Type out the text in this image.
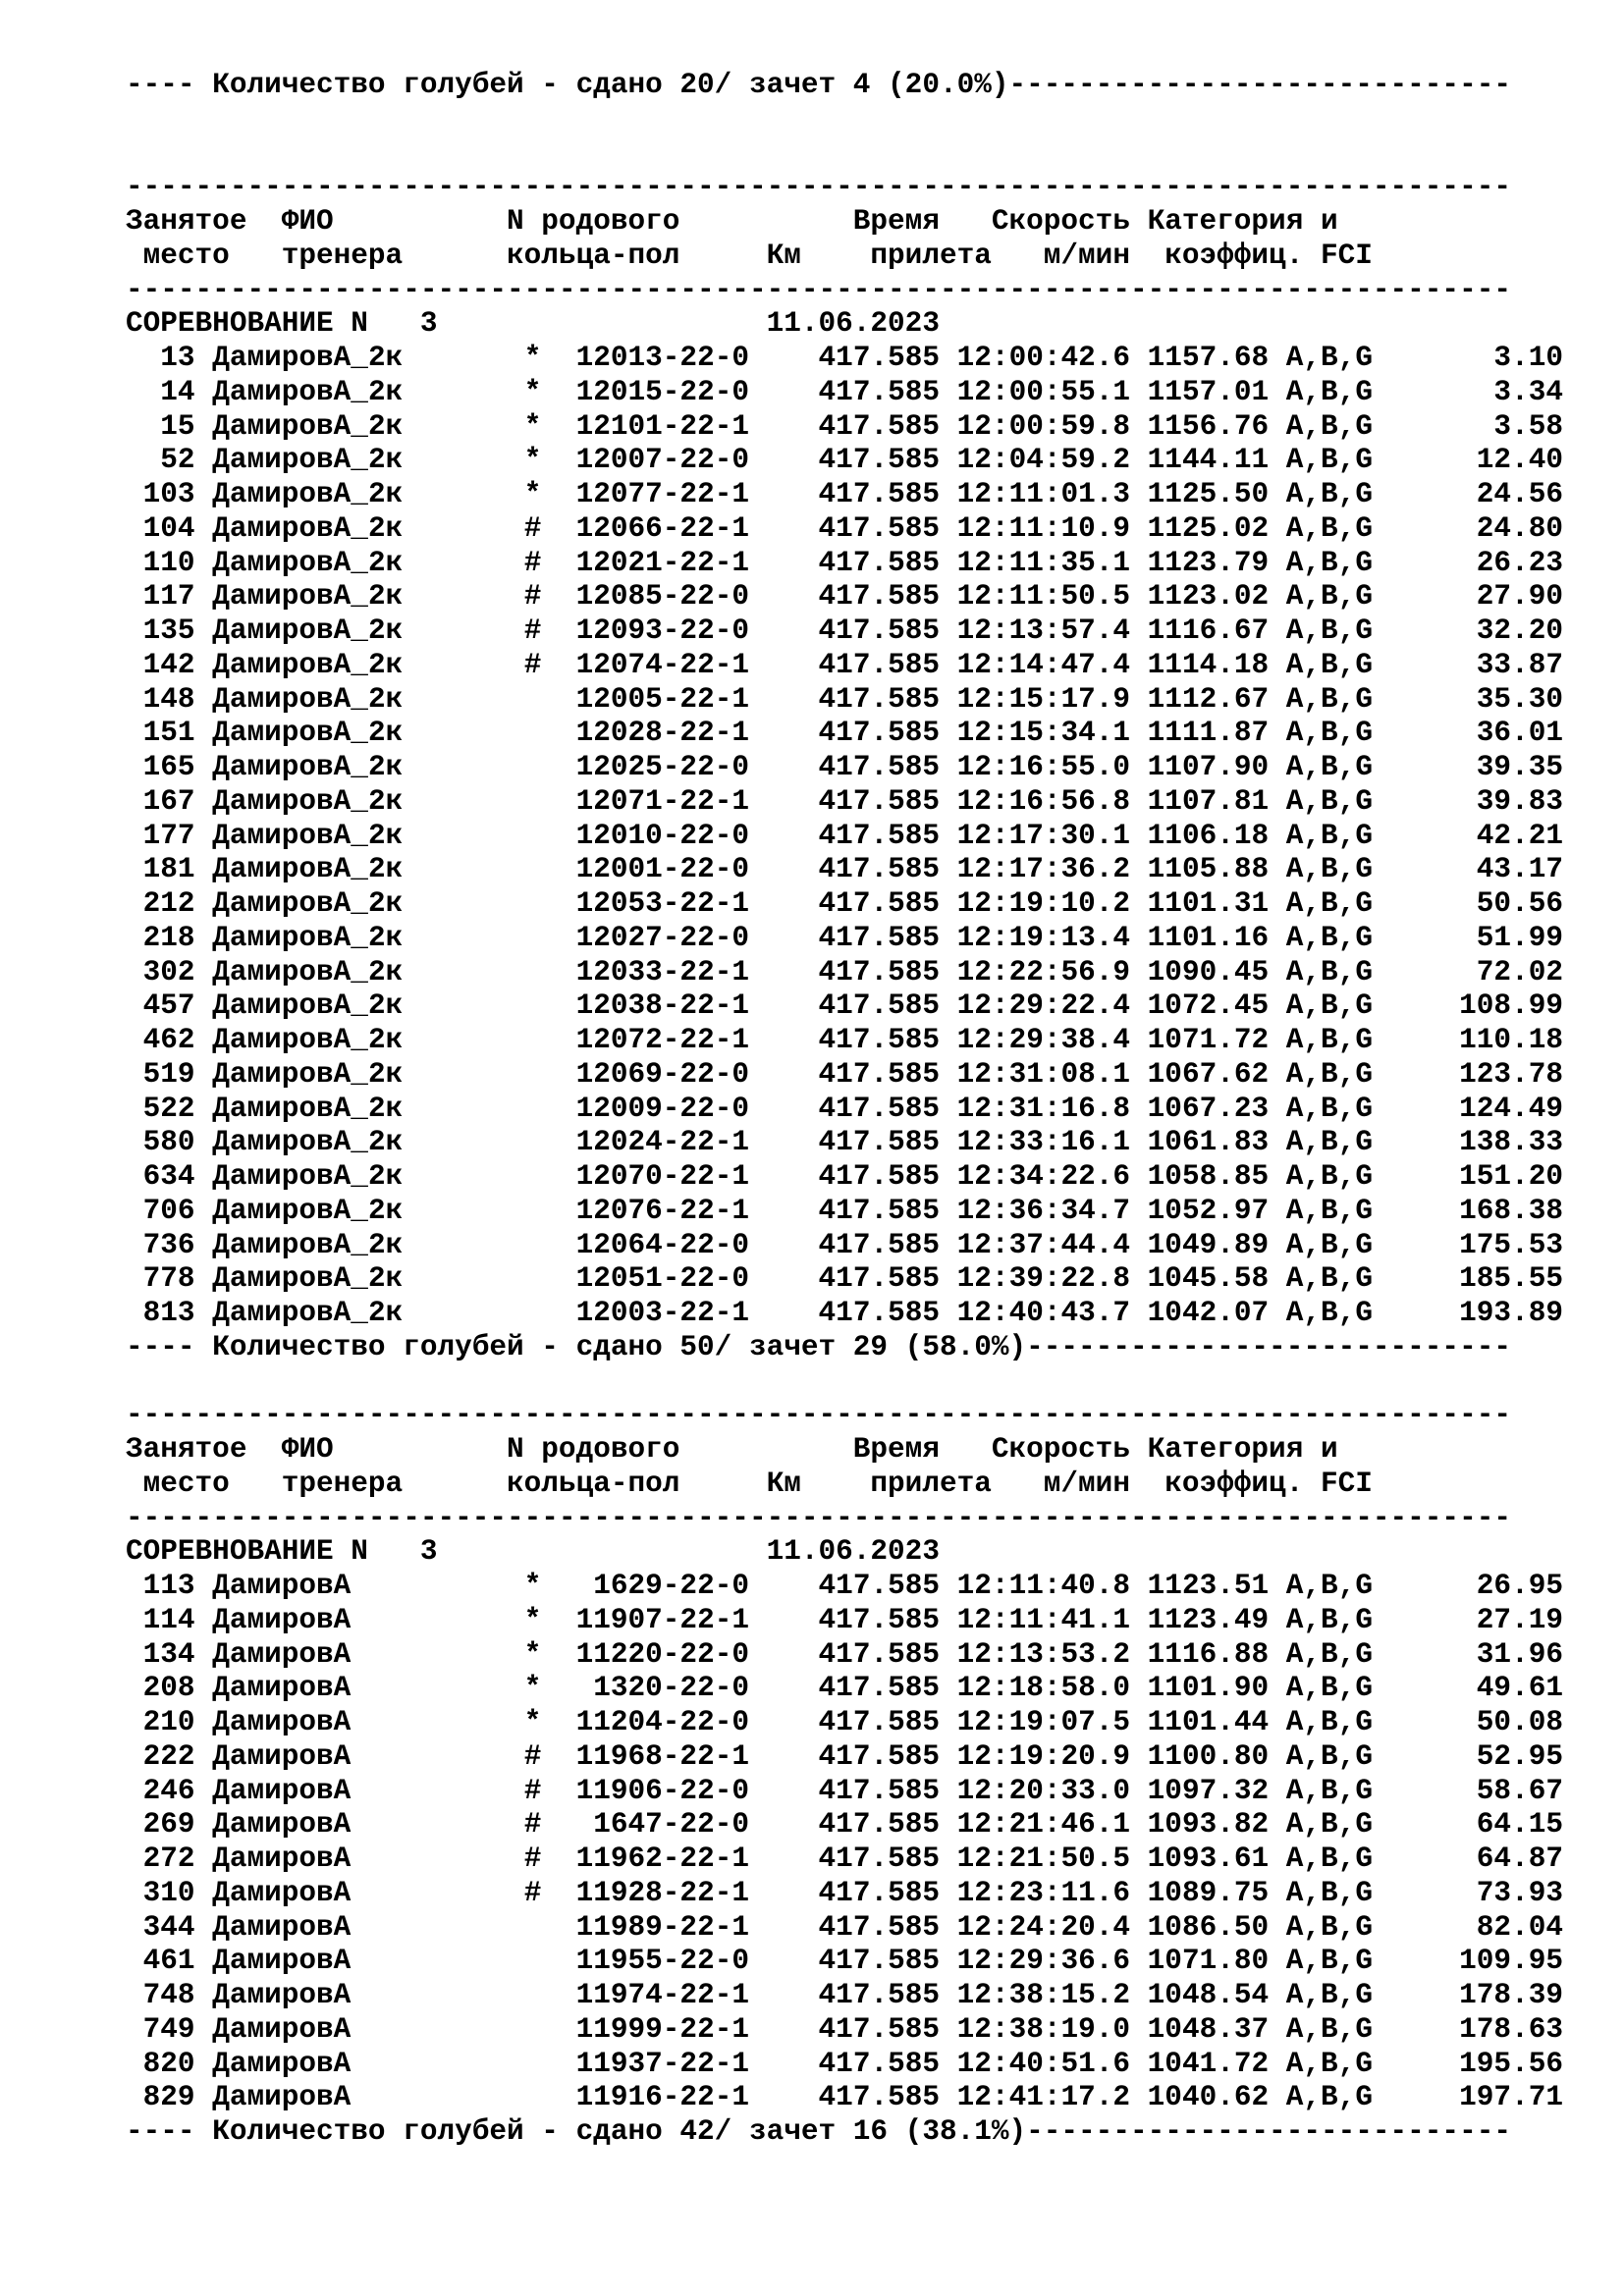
---- Количество голубей - сдано 20/ зачет 4 (20.0%)-----------------------------
--------------------------------------------------------------------------------
Занятое  ФИО          N родового          Время   Скорость Категория и
место   тренера      кольца-пол     Км    прилета   м/мин  коэффиц. FCI
--------------------------------------------------------------------------------
СОРЕВНОВАНИЕ N   3                   11.06.2023
13 ДамировА_2к       *  12013-22-0 417.585 12:00:42.6 1157.68 A,B,G       3.10
14 ДамировА_2к       *  12015-22-0 417.585 12:00:55.1 1157.01 A,B,G       3.34
15 ДамировА_2к       *  12101-22-1 417.585 12:00:59.8 1156.76 A,B,G       3.58
52 ДамировА_2к       *  12007-22-0 417.585 12:04:59.2 1144.11 A,B,G      12.40
103 ДамировА_2к       *  12077-22-1 417.585 12:11:01.3 1125.50 A,B,G      24.56
104 ДамировА_2к       #  12066-22-1 417.585 12:11:10.9 1125.02 A,B,G      24.80
110 ДамировА_2к       #  12021-22-1 417.585 12:11:35.1 1123.79 A,B,G      26.23
117 ДамировА_2к       #  12085-22-0 417.585 12:11:50.5 1123.02 A,B,G      27.90
135 ДамировА_2к       #  12093-22-0 417.585 12:13:57.4 1116.67 A,B,G      32.20
142 ДамировА_2к       #  12074-22-1 417.585 12:14:47.4 1114.18 A,B,G      33.87
148 ДамировА_2к          12005-22-1 417.585 12:15:17.9 1112.67 A,B,G      35.30
151 ДамировА_2к          12028-22-1 417.585 12:15:34.1 1111.87 A,B,G      36.01
165 ДамировА_2к          12025-22-0 417.585 12:16:55.0 1107.90 A,B,G      39.35
167 ДамировА_2к          12071-22-1 417.585 12:16:56.8 1107.81 A,B,G      39.83
177 ДамировА_2к          12010-22-0 417.585 12:17:30.1 1106.18 A,B,G      42.21
181 ДамировА_2к          12001-22-0 417.585 12:17:36.2 1105.88 A,B,G      43.17
212 ДамировА_2к          12053-22-1 417.585 12:19:10.2 1101.31 A,B,G      50.56
218 ДамировА_2к          12027-22-0 417.585 12:19:13.4 1101.16 A,B,G      51.99
302 ДамировА_2к          12033-22-1 417.585 12:22:56.9 1090.45 A,B,G      72.02
457 ДамировА_2к          12038-22-1 417.585 12:29:22.4 1072.45 A,B,G     108.99
462 ДамировА_2к          12072-22-1 417.585 12:29:38.4 1071.72 A,B,G     110.18
519 ДамировА_2к          12069-22-0 417.585 12:31:08.1 1067.62 A,B,G     123.78
522 ДамировА_2к          12009-22-0 417.585 12:31:16.8 1067.23 A,B,G     124.49
580 ДамировА_2к          12024-22-1 417.585 12:33:16.1 1061.83 A,B,G     138.33
634 ДамировА_2к          12070-22-1 417.585 12:34:22.6 1058.85 A,B,G     151.20
706 ДамировА_2к          12076-22-1 417.585 12:36:34.7 1052.97 A,B,G     168.38
736 ДамировА_2к          12064-22-0 417.585 12:37:44.4 1049.89 A,B,G     175.53
778 ДамировА_2к          12051-22-0 417.585 12:39:22.8 1045.58 A,B,G     185.55
813 ДамировА_2к          12003-22-1 417.585 12:40:43.7 1042.07 A,B,G     193.89
---- Количество голубей - сдано 50/ зачет 29 (58.0%)----------------------------
--------------------------------------------------------------------------------
Занятое  ФИО          N родового          Время   Скорость Категория и
место   тренера      кольца-пол     Км    прилета   м/мин  коэффиц. FCI
--------------------------------------------------------------------------------
СОРЕВНОВАНИЕ N   3                   11.06.2023
113 ДамировА          *   1629-22-0 417.585 12:11:40.8 1123.51 A,B,G      26.95
114 ДамировА          *  11907-22-1 417.585 12:11:41.1 1123.49 A,B,G      27.19
134 ДамировА          *  11220-22-0 417.585 12:13:53.2 1116.88 A,B,G      31.96
208 ДамировА          *   1320-22-0 417.585 12:18:58.0 1101.90 A,B,G      49.61
210 ДамировА          *  11204-22-0 417.585 12:19:07.5 1101.44 A,B,G      50.08
222 ДамировА          #  11968-22-1 417.585 12:19:20.9 1100.80 A,B,G      52.95
246 ДамировА          #  11906-22-0 417.585 12:20:33.0 1097.32 A,B,G      58.67
269 ДамировА          #   1647-22-0 417.585 12:21:46.1 1093.82 A,B,G      64.15
272 ДамировА          #  11962-22-1 417.585 12:21:50.5 1093.61 A,B,G      64.87
310 ДамировА          #  11928-22-1 417.585 12:23:11.6 1089.75 A,B,G      73.93
344 ДамировА             11989-22-1 417.585 12:24:20.4 1086.50 A,B,G      82.04
461 ДамировА             11955-22-0 417.585 12:29:36.6 1071.80 A,B,G     109.95
748 ДамировА             11974-22-1 417.585 12:38:15.2 1048.54 A,B,G     178.39
749 ДамировА             11999-22-1 417.585 12:38:19.0 1048.37 A,B,G     178.63
820 ДамировА             11937-22-1 417.585 12:40:51.6 1041.72 A,B,G     195.56
829 ДамировА             11916-22-1 417.585 12:41:17.2 1040.62 A,B,G     197.71
---- Количество голубей - сдано 42/ зачет 16 (38.1%)----------------------------
